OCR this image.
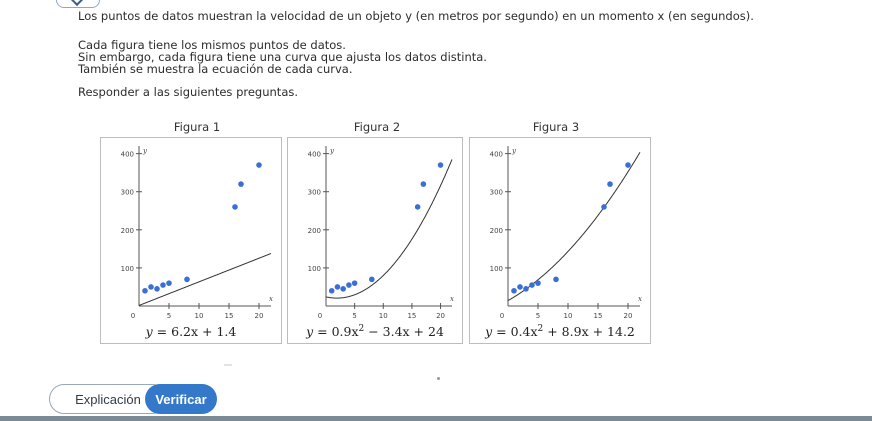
Los puntos de datos muestran la velocidad de un objeto y (en metros por segundo) en un momento x (en segundos).
Cada figura tiene los mismos puntos de datos.
Sin embargo, cada figura tiene una curva que ajusta los datos distinta.
También se muestra la ecuación de cada curva.
Responder a las siguientes preguntas.
Figura 1	Figura 2	Figura 3
100
200
300
400
0	5	10	15	20
y
x
y = 6.2x + 1.4
100
200
300
400
0	5	10	15	20
y
x
$y = 0.9x^2 - 3.4x + 24$
100
200
300
400
0	5	10	15	20
y
x
$y = 0.4x^2 + 8.9x + 14.2$
Explicación	Verificar
